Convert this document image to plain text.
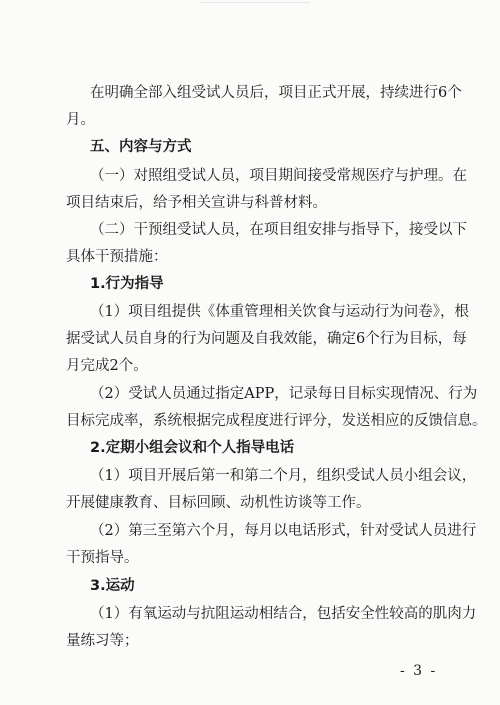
在明确全部入组受试人员后，项目正式开展，持续进行6个
月。
五、内容与方式
（一）对照组受试人员，项目期间接受常规医疗与护理。在
项目结束后，给予相关宣讲与科普材料。
（二）干预组受试人员，在项目组安排与指导下，接受以下
具体干预措施：
1.行为指导
（1）项目组提供《体重管理相关饮食与运动行为问卷》，根
据受试人员自身的行为问题及自我效能，确定6个行为目标，每
月完成2个。
（2）受试人员通过指定APP，记录每日目标实现情况、行为
目标完成率，系统根据完成程度进行评分，发送相应的反馈信息。
2.定期小组会议和个人指导电话
（1）项目开展后第一和第二个月，组织受试人员小组会议，
开展健康教育、目标回顾、动机性访谈等工作。
（2）第三至第六个月，每月以电话形式，针对受试人员进行
干预指导。
3.运动
（1）有氧运动与抗阻运动相结合，包括安全性较高的肌肉力
量练习等；
- 3 -
